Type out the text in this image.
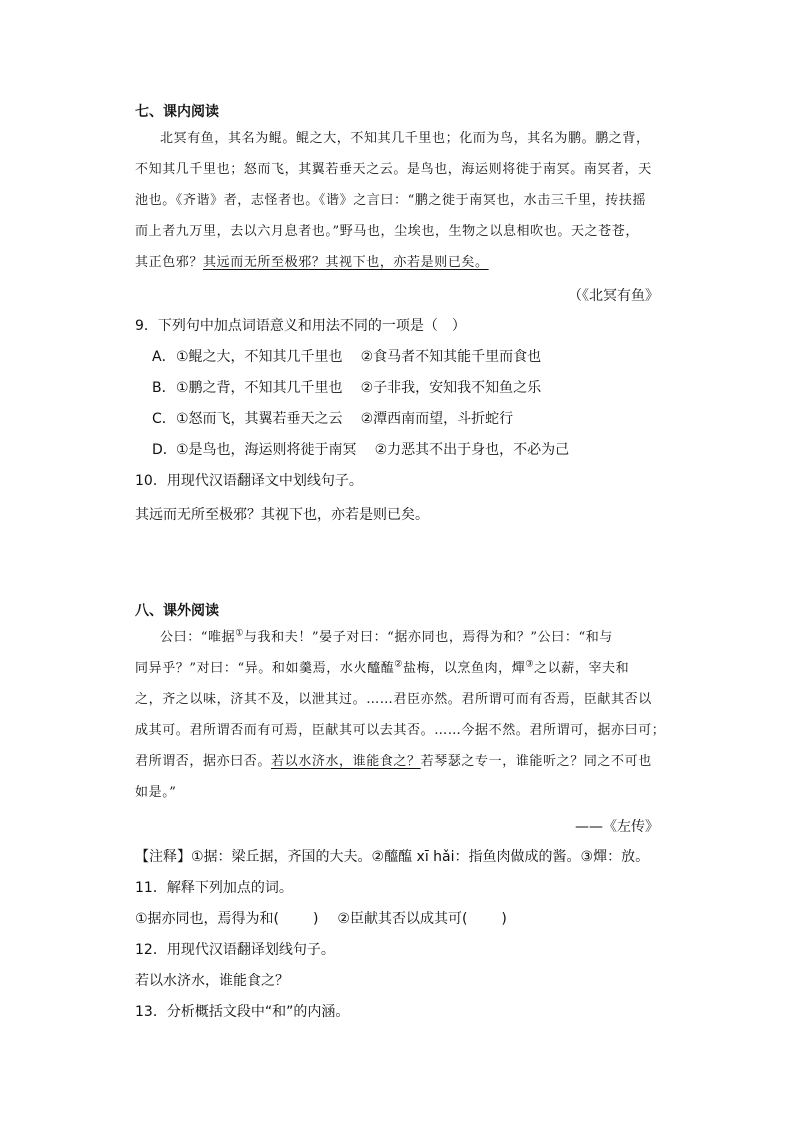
七、课内阅读
北冥有鱼，其名为鲲。鲲之大，不知其几千里也；化而为鸟，其名为鹏。鹏之背，
不知其几千里也；怒而飞，其翼若垂天之云。是鸟也，海运则将徙于南冥。南冥者，天
池也。《齐谐》者，志怪者也。《谐》之言曰：“鹏之徙于南冥也，水击三千里，抟扶摇
而上者九万里，去以六月息者也。”野马也，尘埃也，生物之以息相吹也。天之苍苍，
其正色邪？其远而无所至极邪？其视下也，亦若是则已矣。
（《北冥有鱼》
9．下列句中加点词语意义和用法不同的一项是（　）
A．①鲲之大，不知其几千里也 ②食马者不知其能千里而食也
B．①鹏之背，不知其几千里也 ②子非我，安知我不知鱼之乐
C．①怒而飞，其翼若垂天之云 ②潭西南而望，斗折蛇行
D．①是鸟也，海运则将徙于南冥 ②力恶其不出于身也，不必为己
10．用现代汉语翻译文中划线句子。
其远而无所至极邪？其视下也，亦若是则已矣。
八、课外阅读
公曰：“唯据①与我和夫！”晏子对曰：“据亦同也，焉得为和？”公曰：“和与
同异乎？”对曰：“异。和如羹焉，水火醯醢②盐梅，以烹鱼肉，燀③之以薪，宰夫和
之，齐之以味，济其不及，以泄其过。……君臣亦然。君所谓可而有否焉，臣献其否以
成其可。君所谓否而有可焉，臣献其可以去其否。……今据不然。君所谓可，据亦曰可；
君所谓否，据亦曰否。若以水济水，谁能食之？若琴瑟之专一，谁能听之？同之不可也
如是。”
——《左传》
【注释】①据：梁丘据，齐国的大夫。②醯醢 xī hǎi：指鱼肉做成的酱。③燀：放。
11．解释下列加点的词。
①据亦同也，焉得为和( ) ②臣献其否以成其可( )
12．用现代汉语翻译划线句子。
若以水济水，谁能食之？
13．分析概括文段中“和”的内涵。
